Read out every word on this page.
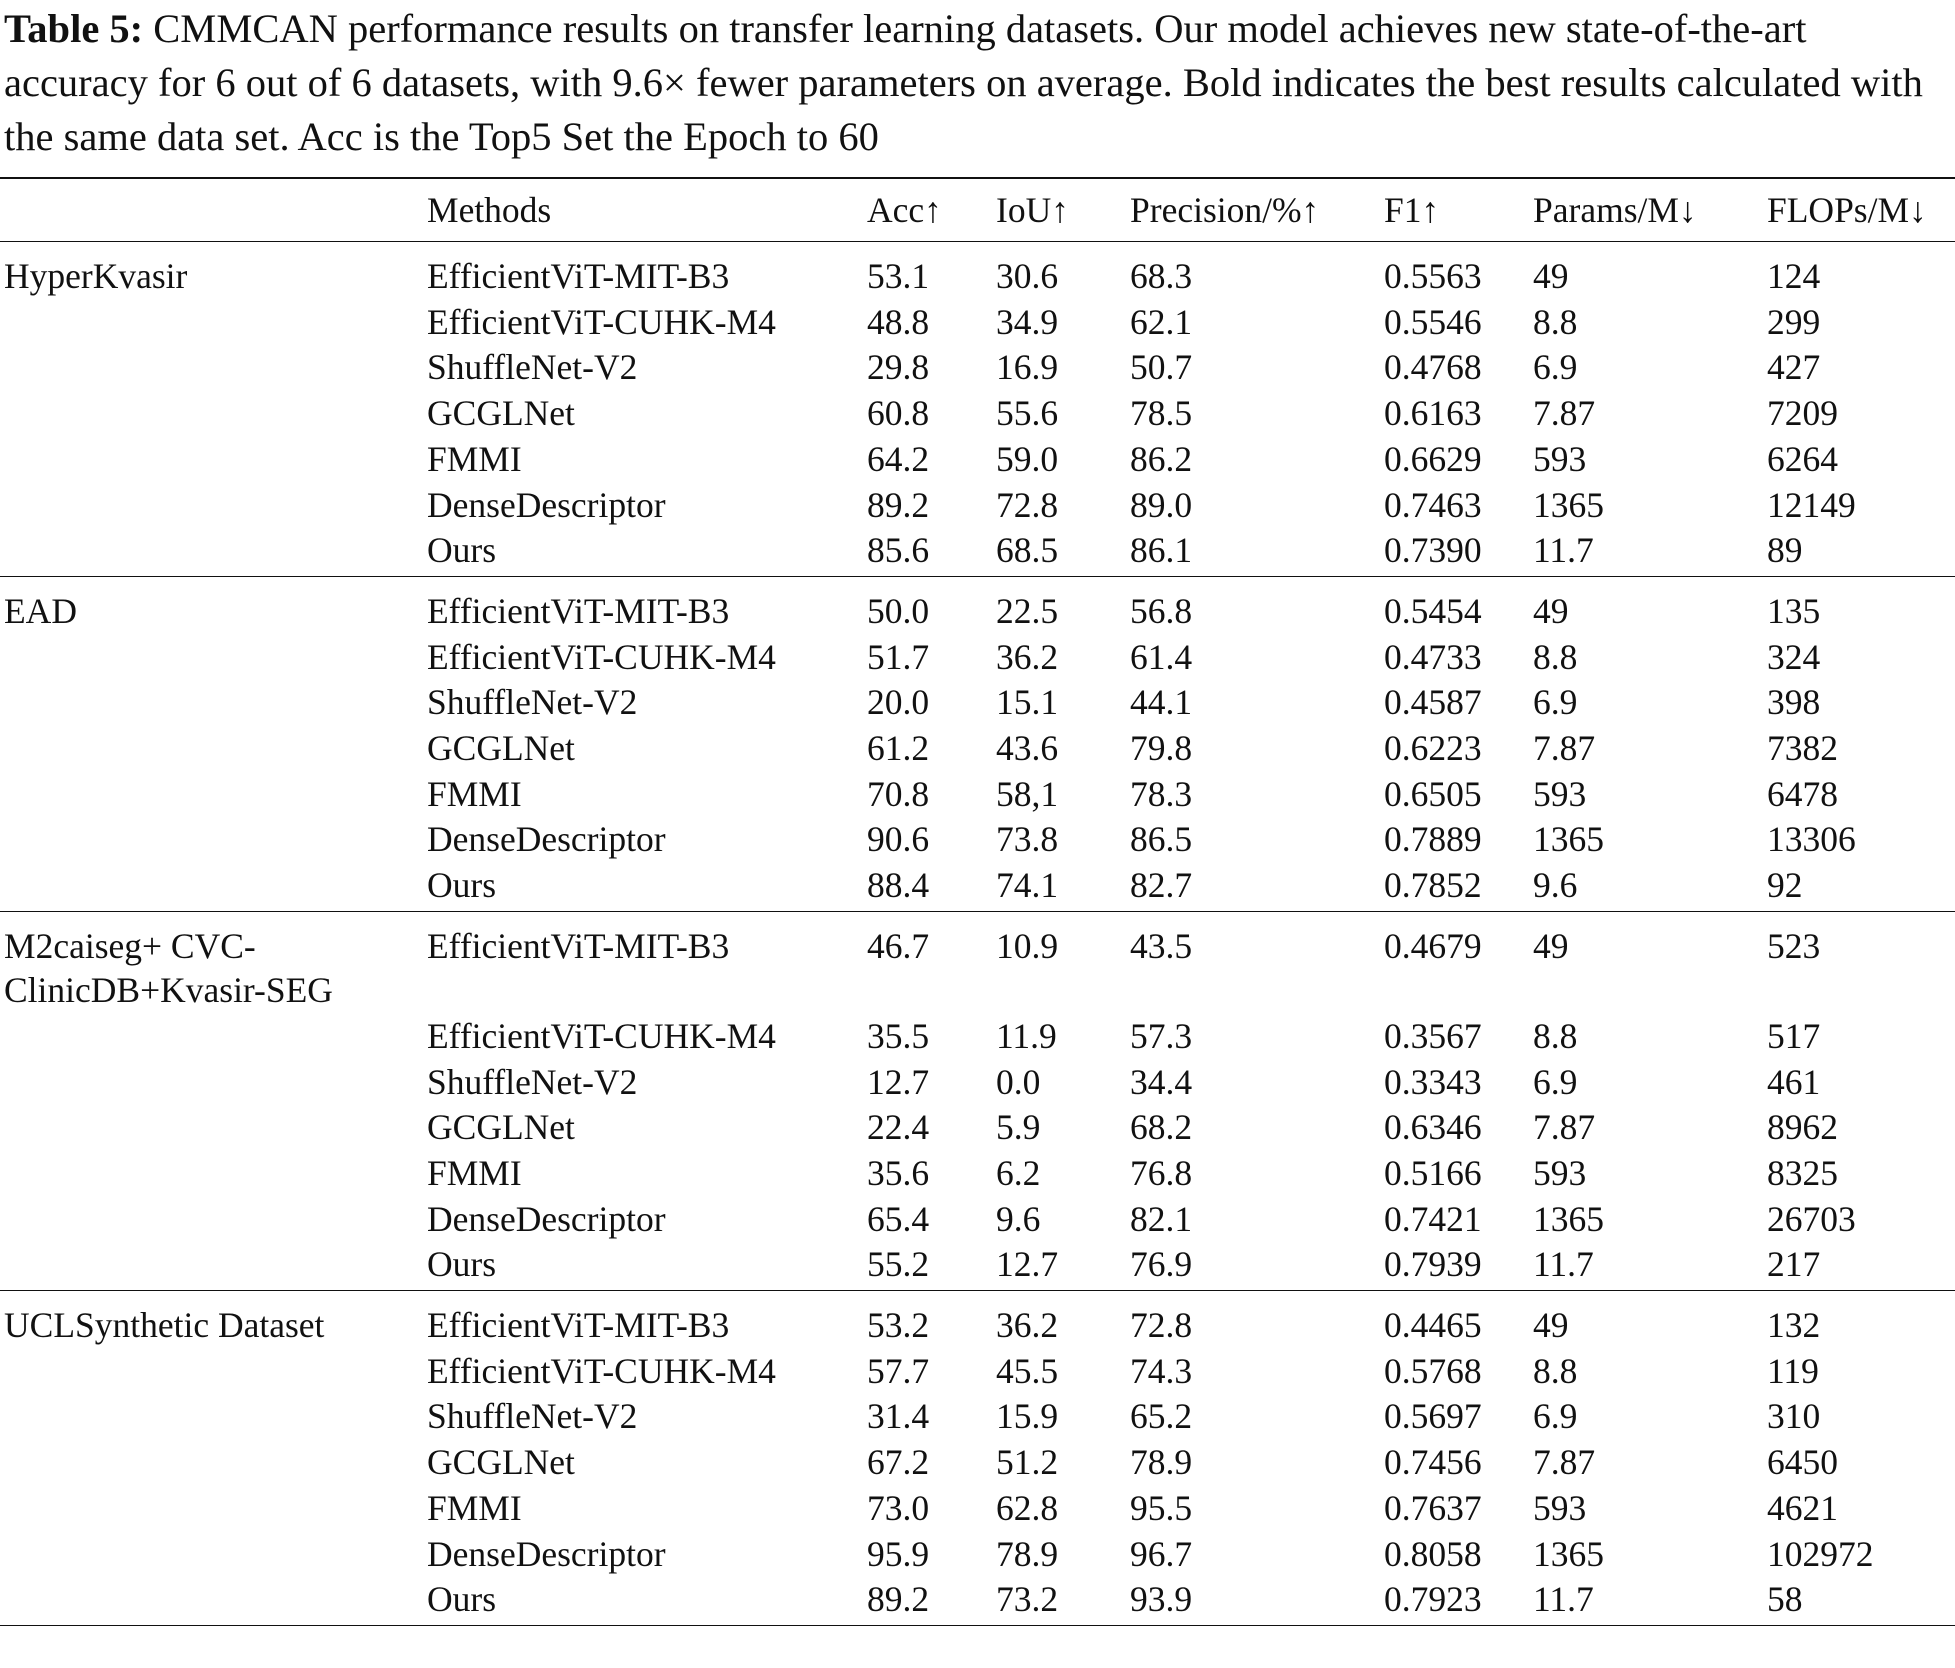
Table 5: CMMCAN performance results on transfer learning datasets. Our model achieves new state-of-the-art accuracy for 6 out of 6 datasets, with 9.6× fewer parameters on average. Bold indicates the best results calculated with the same data set. Acc is the Top5 Set the Epoch to 60

	Methods	Acc↑	IoU↑	Precision/%↑	F1↑	Params/M↓	FLOPs/M↓
HyperKvasir	EfficientViT-MIT-B3	53.1	30.6	68.3	0.5563	49	124
	EfficientViT-CUHK-M4	48.8	34.9	62.1	0.5546	8.8	299
	ShuffleNet-V2	29.8	16.9	50.7	0.4768	6.9	427
	GCGLNet	60.8	55.6	78.5	0.6163	7.87	7209
	FMMI	64.2	59.0	86.2	0.6629	593	6264
	DenseDescriptor	89.2	72.8	89.0	0.7463	1365	12149
	Ours	85.6	68.5	86.1	0.7390	11.7	89
EAD	EfficientViT-MIT-B3	50.0	22.5	56.8	0.5454	49	135
	EfficientViT-CUHK-M4	51.7	36.2	61.4	0.4733	8.8	324
	ShuffleNet-V2	20.0	15.1	44.1	0.4587	6.9	398
	GCGLNet	61.2	43.6	79.8	0.6223	7.87	7382
	FMMI	70.8	58,1	78.3	0.6505	593	6478
	DenseDescriptor	90.6	73.8	86.5	0.7889	1365	13306
	Ours	88.4	74.1	82.7	0.7852	9.6	92
M2caiseg+ CVC-ClinicDB+Kvasir-SEG	EfficientViT-MIT-B3	46.7	10.9	43.5	0.4679	49	523
	EfficientViT-CUHK-M4	35.5	11.9	57.3	0.3567	8.8	517
	ShuffleNet-V2	12.7	0.0	34.4	0.3343	6.9	461
	GCGLNet	22.4	5.9	68.2	0.6346	7.87	8962
	FMMI	35.6	6.2	76.8	0.5166	593	8325
	DenseDescriptor	65.4	9.6	82.1	0.7421	1365	26703
	Ours	55.2	12.7	76.9	0.7939	11.7	217
UCLSynthetic Dataset	EfficientViT-MIT-B3	53.2	36.2	72.8	0.4465	49	132
	EfficientViT-CUHK-M4	57.7	45.5	74.3	0.5768	8.8	119
	ShuffleNet-V2	31.4	15.9	65.2	0.5697	6.9	310
	GCGLNet	67.2	51.2	78.9	0.7456	7.87	6450
	FMMI	73.0	62.8	95.5	0.7637	593	4621
	DenseDescriptor	95.9	78.9	96.7	0.8058	1365	102972
	Ours	89.2	73.2	93.9	0.7923	11.7	58
